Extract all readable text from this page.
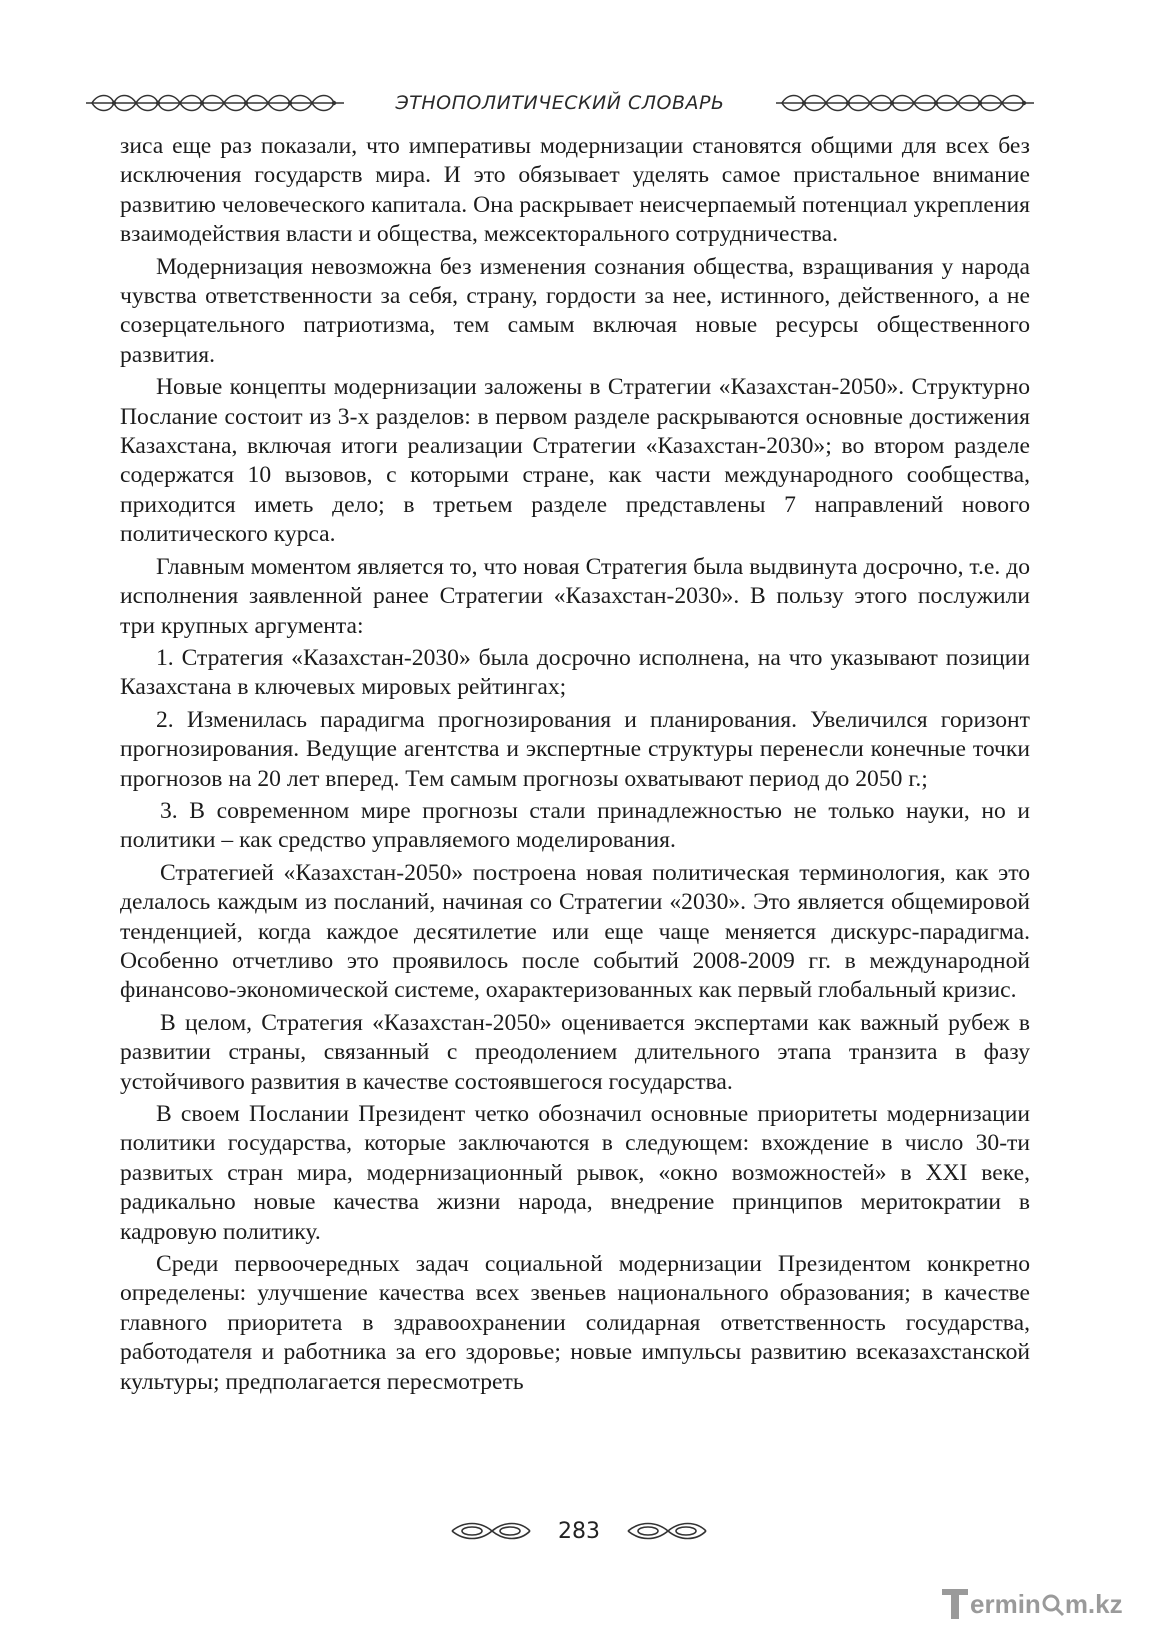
ЭТНОПОЛИТИЧЕСКИЙ СЛОВАРЬ

зиса еще раз показали, что императивы модернизации становятся общими для всех без исключения государств мира. И это обязывает уделять самое пристальное внимание развитию человеческого капитала. Она раскрывает неисчерпаемый потенциал укрепления взаимодействия власти и общества, межсекторального сотрудничества.

Модернизация невозможна без изменения сознания общества, взращивания у народа чувства ответственности за себя, страну, гордости за нее, истинного, действенного, а не созерцательного патриотизма, тем самым включая новые ресурсы общественного развития.

Новые концепты модернизации заложены в Стратегии «Казахстан-2050». Структурно Послание состоит из 3-х разделов: в первом разделе раскрываются основные достижения Казахстана, включая итоги реализации Стратегии «Казахстан-2030»; во втором разделе содержатся 10 вызовов, с которыми стране, как части международного сообщества, приходится иметь дело; в третьем разделе представлены 7 направлений нового политического курса.

Главным моментом является то, что новая Стратегия была выдвинута досрочно, т.е. до исполнения заявленной ранее Стратегии «Казахстан-2030». В пользу этого послужили три крупных аргумента:

1. Стратегия «Казахстан-2030» была досрочно исполнена, на что указывают позиции Казахстана в ключевых мировых рейтингах;

2. Изменилась парадигма прогнозирования и планирования. Увеличился горизонт прогнозирования. Ведущие агентства и экспертные структуры перенесли конечные точки прогнозов на 20 лет вперед. Тем самым прогнозы охватывают период до 2050 г.;

3. В современном мире прогнозы стали принадлежностью не только науки, но и политики – как средство управляемого моделирования.

Стратегией «Казахстан-2050» построена новая политическая терминология, как это делалось каждым из посланий, начиная со Стратегии «2030». Это является общемировой тенденцией, когда каждое десятилетие или еще чаще меняется дискурс-парадигма. Особенно отчетливо это проявилось после событий 2008-2009 гг. в международной финансово-экономической системе, охарактеризованных как первый глобальный кризис.

В целом, Стратегия «Казахстан-2050» оценивается экспертами как важный рубеж в развитии страны, связанный с преодолением длительного этапа транзита в фазу устойчивого развития в качестве состоявшегося государства.

В своем Послании Президент четко обозначил основные приоритеты модернизации политики государства, которые заключаются в следующем: вхождение в число 30-ти развитых стран мира, модернизационный рывок, «окно возможностей» в XXI веке, радикально новые качества жизни народа, внедрение принципов меритократии в кадровую политику.

Среди первоочередных задач социальной модернизации Президентом конкретно определены: улучшение качества всех звеньев национального образования; в качестве главного приоритета в здравоохранении солидарная ответственность государства, работодателя и работника за его здоровье; новые импульсы развитию всеказахстанской культуры; предполагается пересмотреть

283
ermin m.kz
